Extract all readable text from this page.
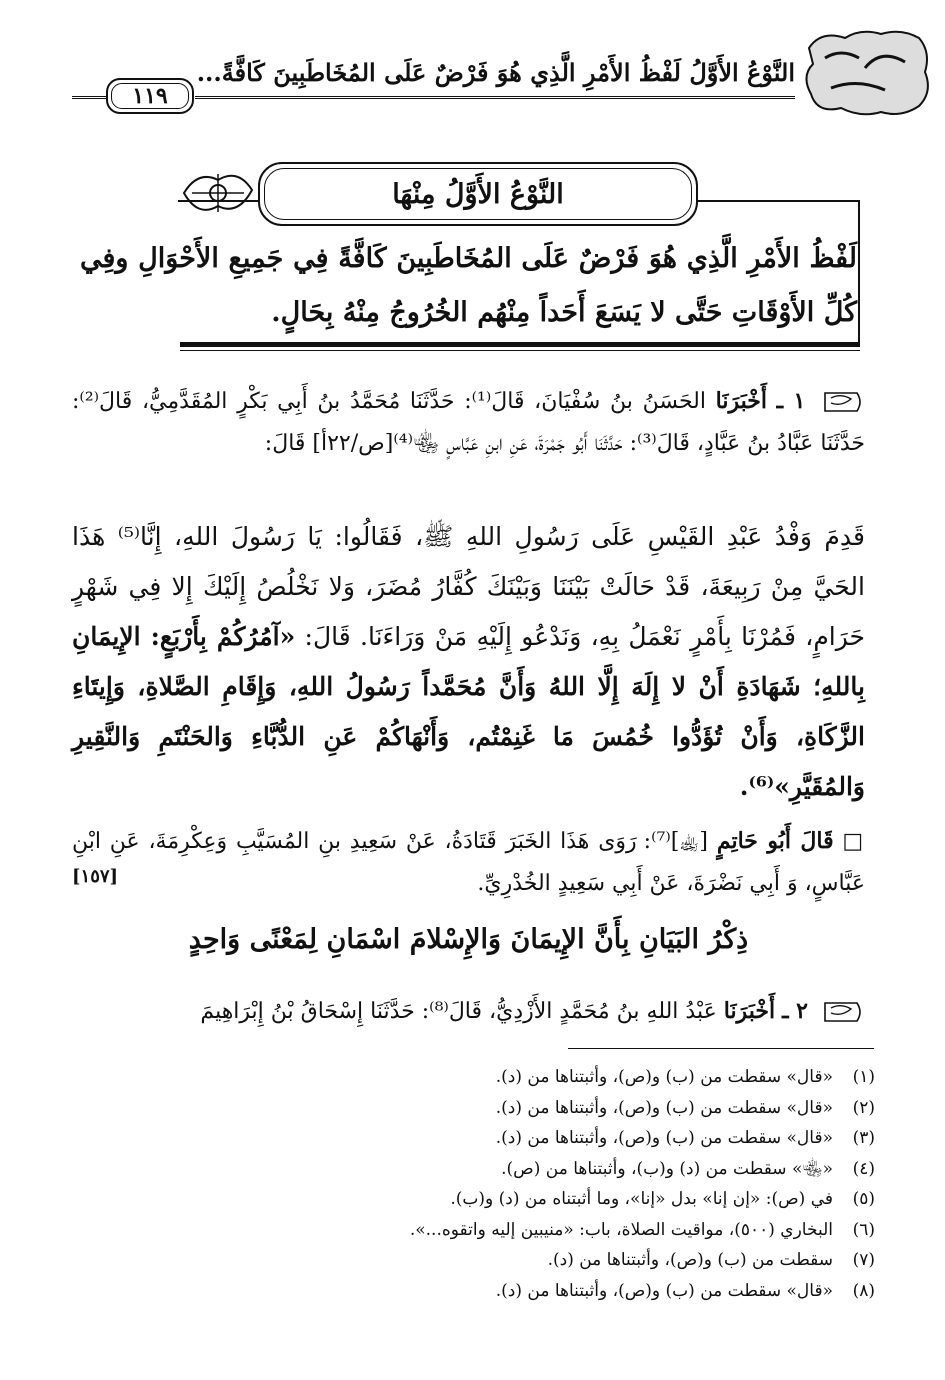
النَّوْعُ الأَوَّلُ لَفْظُ الأَمْرِ الَّذِي هُوَ فَرْضٌ عَلَى المُخَاطَبِينَ كَافَّةً...
١١٩
النَّوْعُ الأَوَّلُ مِنْهَا
لَفْظُ الأَمْرِ الَّذِي هُوَ فَرْضٌ عَلَى المُخَاطَبِينَ كَافَّةً فِي جَمِيعِ الأَحْوَالِ وفِي كُلِّ الأَوْقَاتِ حَتَّى لا يَسَعَ أَحَداً مِنْهُم الخُرُوجُ مِنْهُ بِحَالٍ.
١ ـ أَخْبَرَنَا الحَسَنُ بنُ سُفْيَانَ، قَالَ⁽¹⁾: حَدَّثَنَا مُحَمَّدُ بنُ أَبِي بَكْرٍ المُقَدَّمِيُّ، قَالَ⁽²⁾: حَدَّثَنَا عَبَّادُ بنُ عَبَّادٍ، قَالَ⁽³⁾: حَدَّثَنَا أَبُو جَمْرَةَ، عَنِ ابنِ عَبَّاسٍ ﵄⁽⁴⁾[ص/٢٢أ] قَالَ:
قَدِمَ وَفْدُ عَبْدِ القَيْسِ عَلَى رَسُولِ اللهِ ﷺ، فَقَالُوا: يَا رَسُولَ اللهِ، إِنَّا⁽⁵⁾ هَذَا الحَيَّ مِنْ رَبِيعَةَ، قَدْ حَالَتْ بَيْنَنَا وَبَيْنَكَ كُفَّارُ مُضَرَ، وَلا نَخْلُصُ إِلَيْكَ إِلا فِي شَهْرٍ حَرَامٍ، فَمُرْنَا بِأَمْرٍ نَعْمَلُ بِهِ، وَنَدْعُو إِلَيْهِ مَنْ وَرَاءَنَا. قَالَ: «آمُرُكُمْ بِأَرْبَعٍ: الإِيمَانِ بِاللهِ؛ شَهَادَةِ أَنْ لا إِلَهَ إِلَّا اللهُ وَأَنَّ مُحَمَّداً رَسُولُ اللهِ، وَإِقَامِ الصَّلاةِ، وَإِيتَاءِ الزَّكَاةِ، وَأَنْ تُؤَدُّوا خُمُسَ مَا غَنِمْتُم، وَأَنْهَاكُمْ عَنِ الدُّبَّاءِ وَالحَنْتَمِ وَالنَّقِيرِ وَالمُقَيَّرِ»⁽⁶⁾.
□ قَالَ أَبُو حَاتِمٍ [﵀]⁽⁷⁾: رَوَى هَذَا الخَبَرَ قَتَادَةُ، عَنْ سَعِيدِ بنِ المُسَيَّبِ وَعِكْرِمَةَ، عَنِ ابْنِ عَبَّاسٍ، وَ أَبِي نَضْرَةَ، عَنْ أَبِي سَعِيدٍ الخُدْرِيِّ.
[١٥٧]
ذِكْرُ البَيَانِ بِأَنَّ الإِيمَانَ وَالإِسْلامَ اسْمَانِ لِمَعْنًى وَاحِدٍ
٢ ـ أَخْبَرَنَا عَبْدُ اللهِ بنُ مُحَمَّدٍ الأَزْدِيُّ، قَالَ⁽⁸⁾: حَدَّثَنَا إِسْحَاقُ بْنُ إِبْرَاهِيمَ
(١)
«قال» سقطت من (ب) و(ص)، وأثبتناها من (د).
(٢)
«قال» سقطت من (ب) و(ص)، وأثبتناها من (د).
(٣)
«قال» سقطت من (ب) و(ص)، وأثبتناها من (د).
(٤)
«﵄» سقطت من (د) و(ب)، وأثبتناها من (ص).
(٥)
في (ص): «إن إنا» بدل «إنا»، وما أثبتناه من (د) و(ب).
(٦)
البخاري (٥٠٠)، مواقيت الصلاة، باب: «منيبين إليه واتقوه...».
(٧)
سقطت من (ب) و(ص)، وأثبتناها من (د).
(٨)
«قال» سقطت من (ب) و(ص)، وأثبتناها من (د).
